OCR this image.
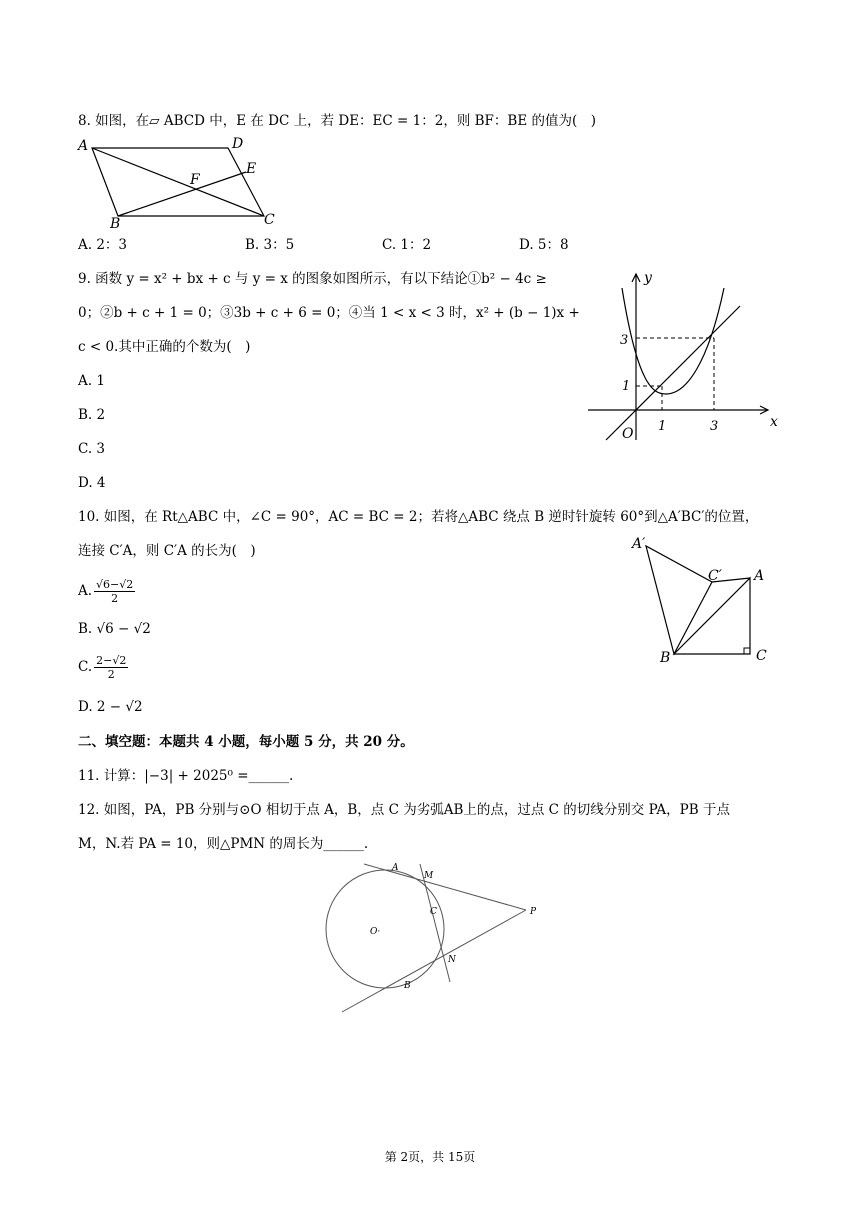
8. 如图，在▱ ABCD 中，E 在 DC 上，若 DE：EC = 1：2，则 BF：BE 的值为(　)
A	D
E
F
B	C
A. 2：3	B. 3：5	C. 1：2	D. 5：8
9. 函数 y = x² + bx + c 与 y = x 的图象如图所示，有以下结论①b² − 4c ≥
0；②b + c + 1 = 0；③3b + c + 6 = 0；④当 1 < x < 3 时，x² + (b − 1)x +
c < 0.其中正确的个数为(　)
A. 1
B. 2
C. 3
D. 4
y
x
O 1	3
1
3
10. 如图，在 Rt△ABC 中，∠C = 90°，AC = BC = 2；若将△ABC 绕点 B 逆时针旋转 60°到△A′BC′的位置，
连接 C′A，则 C′A 的长为(　)
A. $\frac{√6-√2}{2}$
B. √6 − √2
C. $\frac{2-√2}{2}$
D. 2 − √2
A′
C′ A
B	C
二、填空题：本题共 4 小题，每小题 5 分，共 20 分。
11. 计算：|−3| + 2025⁰ =______.
12. 如图，PA，PB 分别与⊙O 相切于点 A，B，点 C 为劣弧AB上的点，过点 C 的切线分别交 PA，PB 于点
M，N.若 PA = 10，则△PMN 的周长为______.
A
M
C	P
O·
N
B
第 2页，共 15页
